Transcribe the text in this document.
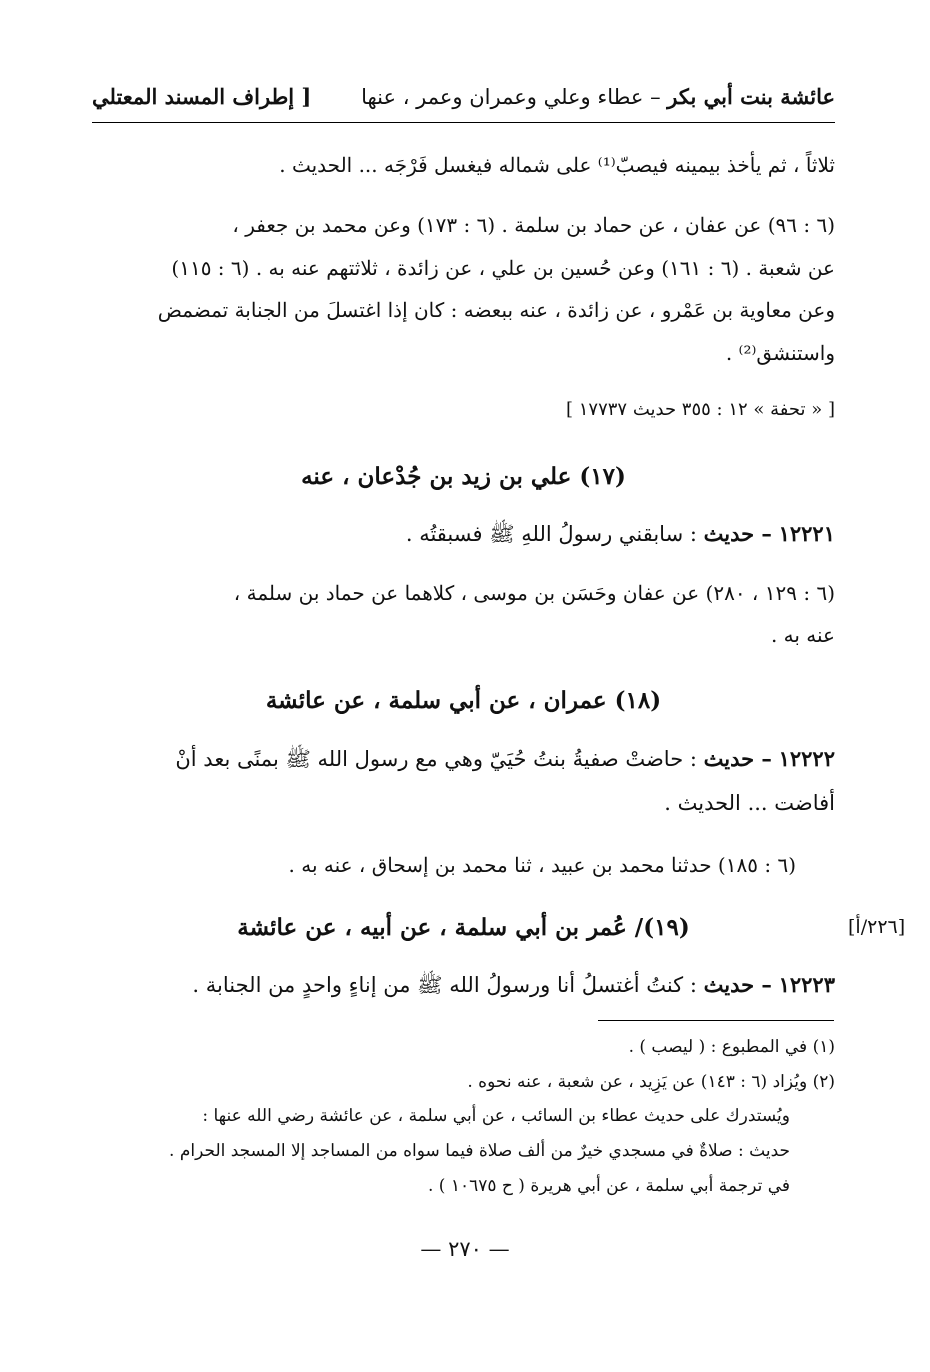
[ إطراف المسند المعتلي	عائشة بنت أبي بكر – عطاء وعلي وعمران وعمر ، عنها
ثلاثاً ، ثم يأخذ بيمينه فيصبّ⁽¹⁾ على شماله فيغسل فَرْجَه ... الحديث .
(٦ : ٩٦) عن عفان ، عن حماد بن سلمة . (٦ : ١٧٣) وعن محمد بن جعفر ،
عن شعبة . (٦ : ١٦١) وعن حُسين بن علي ، عن زائدة ، ثلاثتهم عنه به . (٦ : ١١٥)
وعن معاوية بن عَمْرو ، عن زائدة ، عنه ببعضه : كان إذا اغتسلَ من الجنابة تمضمض
واستنشق⁽²⁾ .
[ « تحفة » ١٢ : ٣٥٥ حديث ١٧٧٣٧ ]
(١٧) علي بن زيد بن جُدْعان ، عنه
١٢٢٢١ – حديث : سابقني رسولُ اللهِ ﷺ فسبقتُه .
(٦ : ١٢٩ ، ٢٨٠) عن عفان وحَسَن بن موسى ، كلاهما عن حماد بن سلمة ،
عنه به .
(١٨) عمران ، عن أبي سلمة ، عن عائشة
١٢٢٢٢ – حديث : حاضتْ صفيةُ بنتُ حُيَيّ وهي مع رسول الله ﷺ بمنًى بعد أنْ
أفاضت ... الحديث .
(٦ : ١٨٥) حدثنا محمد بن عبيد ، ثنا محمد بن إسحاق ، عنه به .
[٢٢٦/أ]
(١٩)/ عُمر بن أبي سلمة ، عن أبيه ، عن عائشة
١٢٢٢٣ – حديث : كنتُ أغتسلُ أنا ورسولُ الله ﷺ من إناءٍ واحدٍ من الجنابة .
(١) في المطبوع : ( ليصب ) .
(٢) ويُزاد (٦ : ١٤٣) عن يَزِيد ، عن شعبة ، عنه نحوه .
ويُستدرك على حديث عطاء بن السائب ، عن أبي سلمة ، عن عائشة رضي الله عنها :
حديث : صلاةٌ في مسجدي خيرٌ من ألف صلاة فيما سواه من المساجد إلا المسجد الحرام .
في ترجمة أبي سلمة ، عن أبي هريرة ( ح ١٠٦٧٥ ) .
— ٢٧٠ —
